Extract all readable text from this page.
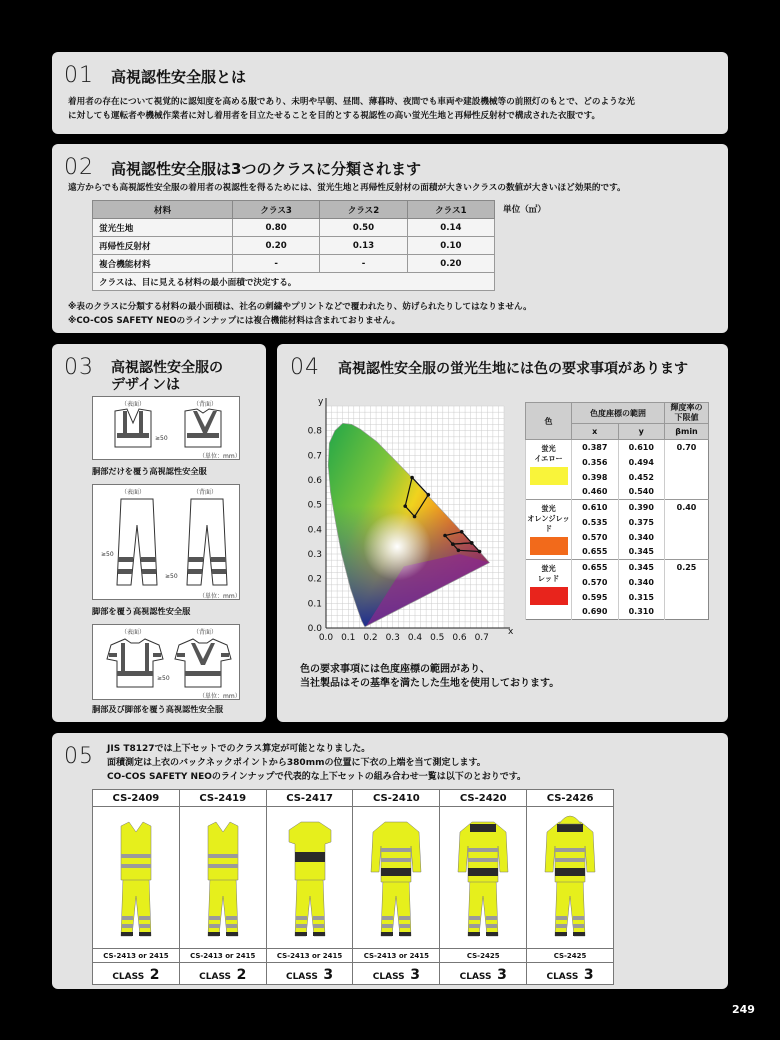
01 高視認性安全服とは
着用者の存在について視覚的に認知度を高める服であり、未明や早朝、昼間、薄暮時、夜間でも車両や建設機械等の前照灯のもとで、どのような光
に対しても運転者や機械作業者に対し着用者を目立たせることを目的とする視認性の高い蛍光生地と再帰性反射材で構成された衣服です。
02 高視認性安全服は3つのクラスに分類されます
遠方からでも高視認性安全服の着用者の視認性を得るためには、蛍光生地と再帰性反射材の面積が大きいクラスの数値が大きいほど効果的です。
材料	クラス3	クラス2	クラス1
蛍光生地	0.80	0.50	0.14
再帰性反射材	0.20	0.13	0.10
複合機能材料	-	-	0.20
クラスは、目に見える材料の最小面積で決定する。			
単位（㎡）
※表のクラスに分類する材料の最小面積は、社名の刺繍やプリントなどで覆われたり、妨げられたりしてはなりません。
※CO-COS SAFETY NEOのラインナップには複合機能材料は含まれておりません。
03 高視認性安全服の
デザインは
（表面）	（背面）
≥50
（単位：mm）
胴部だけを覆う高視認性安全服
（表面）	（背面）
≥50
≥50
（単位：mm）
脚部を覆う高視認性安全服
（表面）	（背面）
≥50
（単位：mm）
胴部及び脚部を覆う高視認性安全服
04 高視認性安全服の蛍光生地には色の要求事項があります
0.0 0.1 0.2 0.3 0.4 0.5 0.6 0.7
0.1
0.2
0.3
0.4
0.5
0.6
0.7
0.8
0.0	x
y
色	色度座標の範囲		輝度率の
下限値
	x	y	βmin
蛍光
イエロー	0.387	0.610	0.70
	0.356	0.494	
	0.398	0.452	
	0.460	0.540	
蛍光
オレンジレッド	0.610	0.390	0.40
	0.535	0.375	
	0.570	0.340	
	0.655	0.345	
蛍光
レッド	0.655	0.345	0.25
	0.570	0.340	
	0.595	0.315	
	0.690	0.310	
色の要求事項には色度座標の範囲があり、
当社製品はその基準を満たした生地を使用しております。
05 JIS T8127では上下セットでのクラス算定が可能となりました。
面積測定は上衣のバックネックポイントから380mmの位置に下衣の上端を当て測定します。
CO-COS SAFETY NEOのラインナップで代表的な上下セットの組み合わせ一覧は以下のとおりです。
CS-2409	CS-2419	CS-2417	CS-2410	CS-2420	CS-2426

CS-2413 or 2415	CS-2413 or 2415	CS-2413 or 2415	CS-2413 or 2415	CS-2425	CS-2425
CLASS 2	CLASS 2	CLASS 3	CLASS 3	CLASS 3	CLASS 3
249
